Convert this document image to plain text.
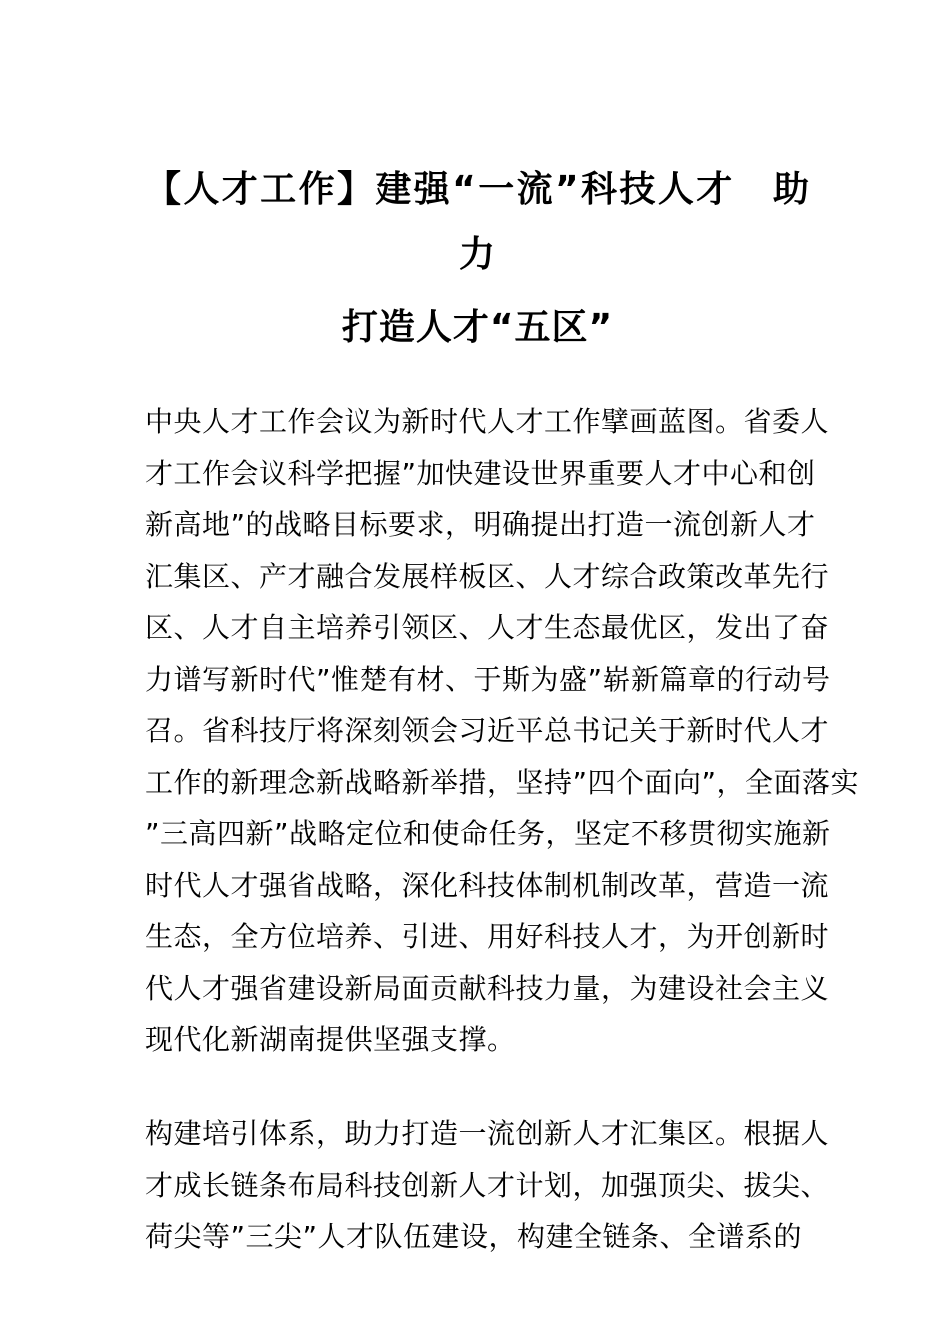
【人才工作】建强“一流”科技人才　助
力
打造人才“五区”
中央人才工作会议为新时代人才工作擘画蓝图。省委人
才工作会议科学把握”加快建设世界重要人才中心和创
新高地”的战略目标要求，明确提出打造一流创新人才
汇集区、产才融合发展样板区、人才综合政策改革先行
区、人才自主培养引领区、人才生态最优区，发出了奋
力谱写新时代”惟楚有材、于斯为盛”崭新篇章的行动号
召。省科技厅将深刻领会习近平总书记关于新时代人才
工作的新理念新战略新举措，坚持”四个面向”，全面落实
”三高四新”战略定位和使命任务，坚定不移贯彻实施新
时代人才强省战略，深化科技体制机制改革，营造一流
生态，全方位培养、引进、用好科技人才，为开创新时
代人才强省建设新局面贡献科技力量，为建设社会主义
现代化新湖南提供坚强支撑。
构建培引体系，助力打造一流创新人才汇集区。根据人
才成长链条布局科技创新人才计划，加强顶尖、拔尖、
荷尖等”三尖”人才队伍建设，构建全链条、全谱系的
